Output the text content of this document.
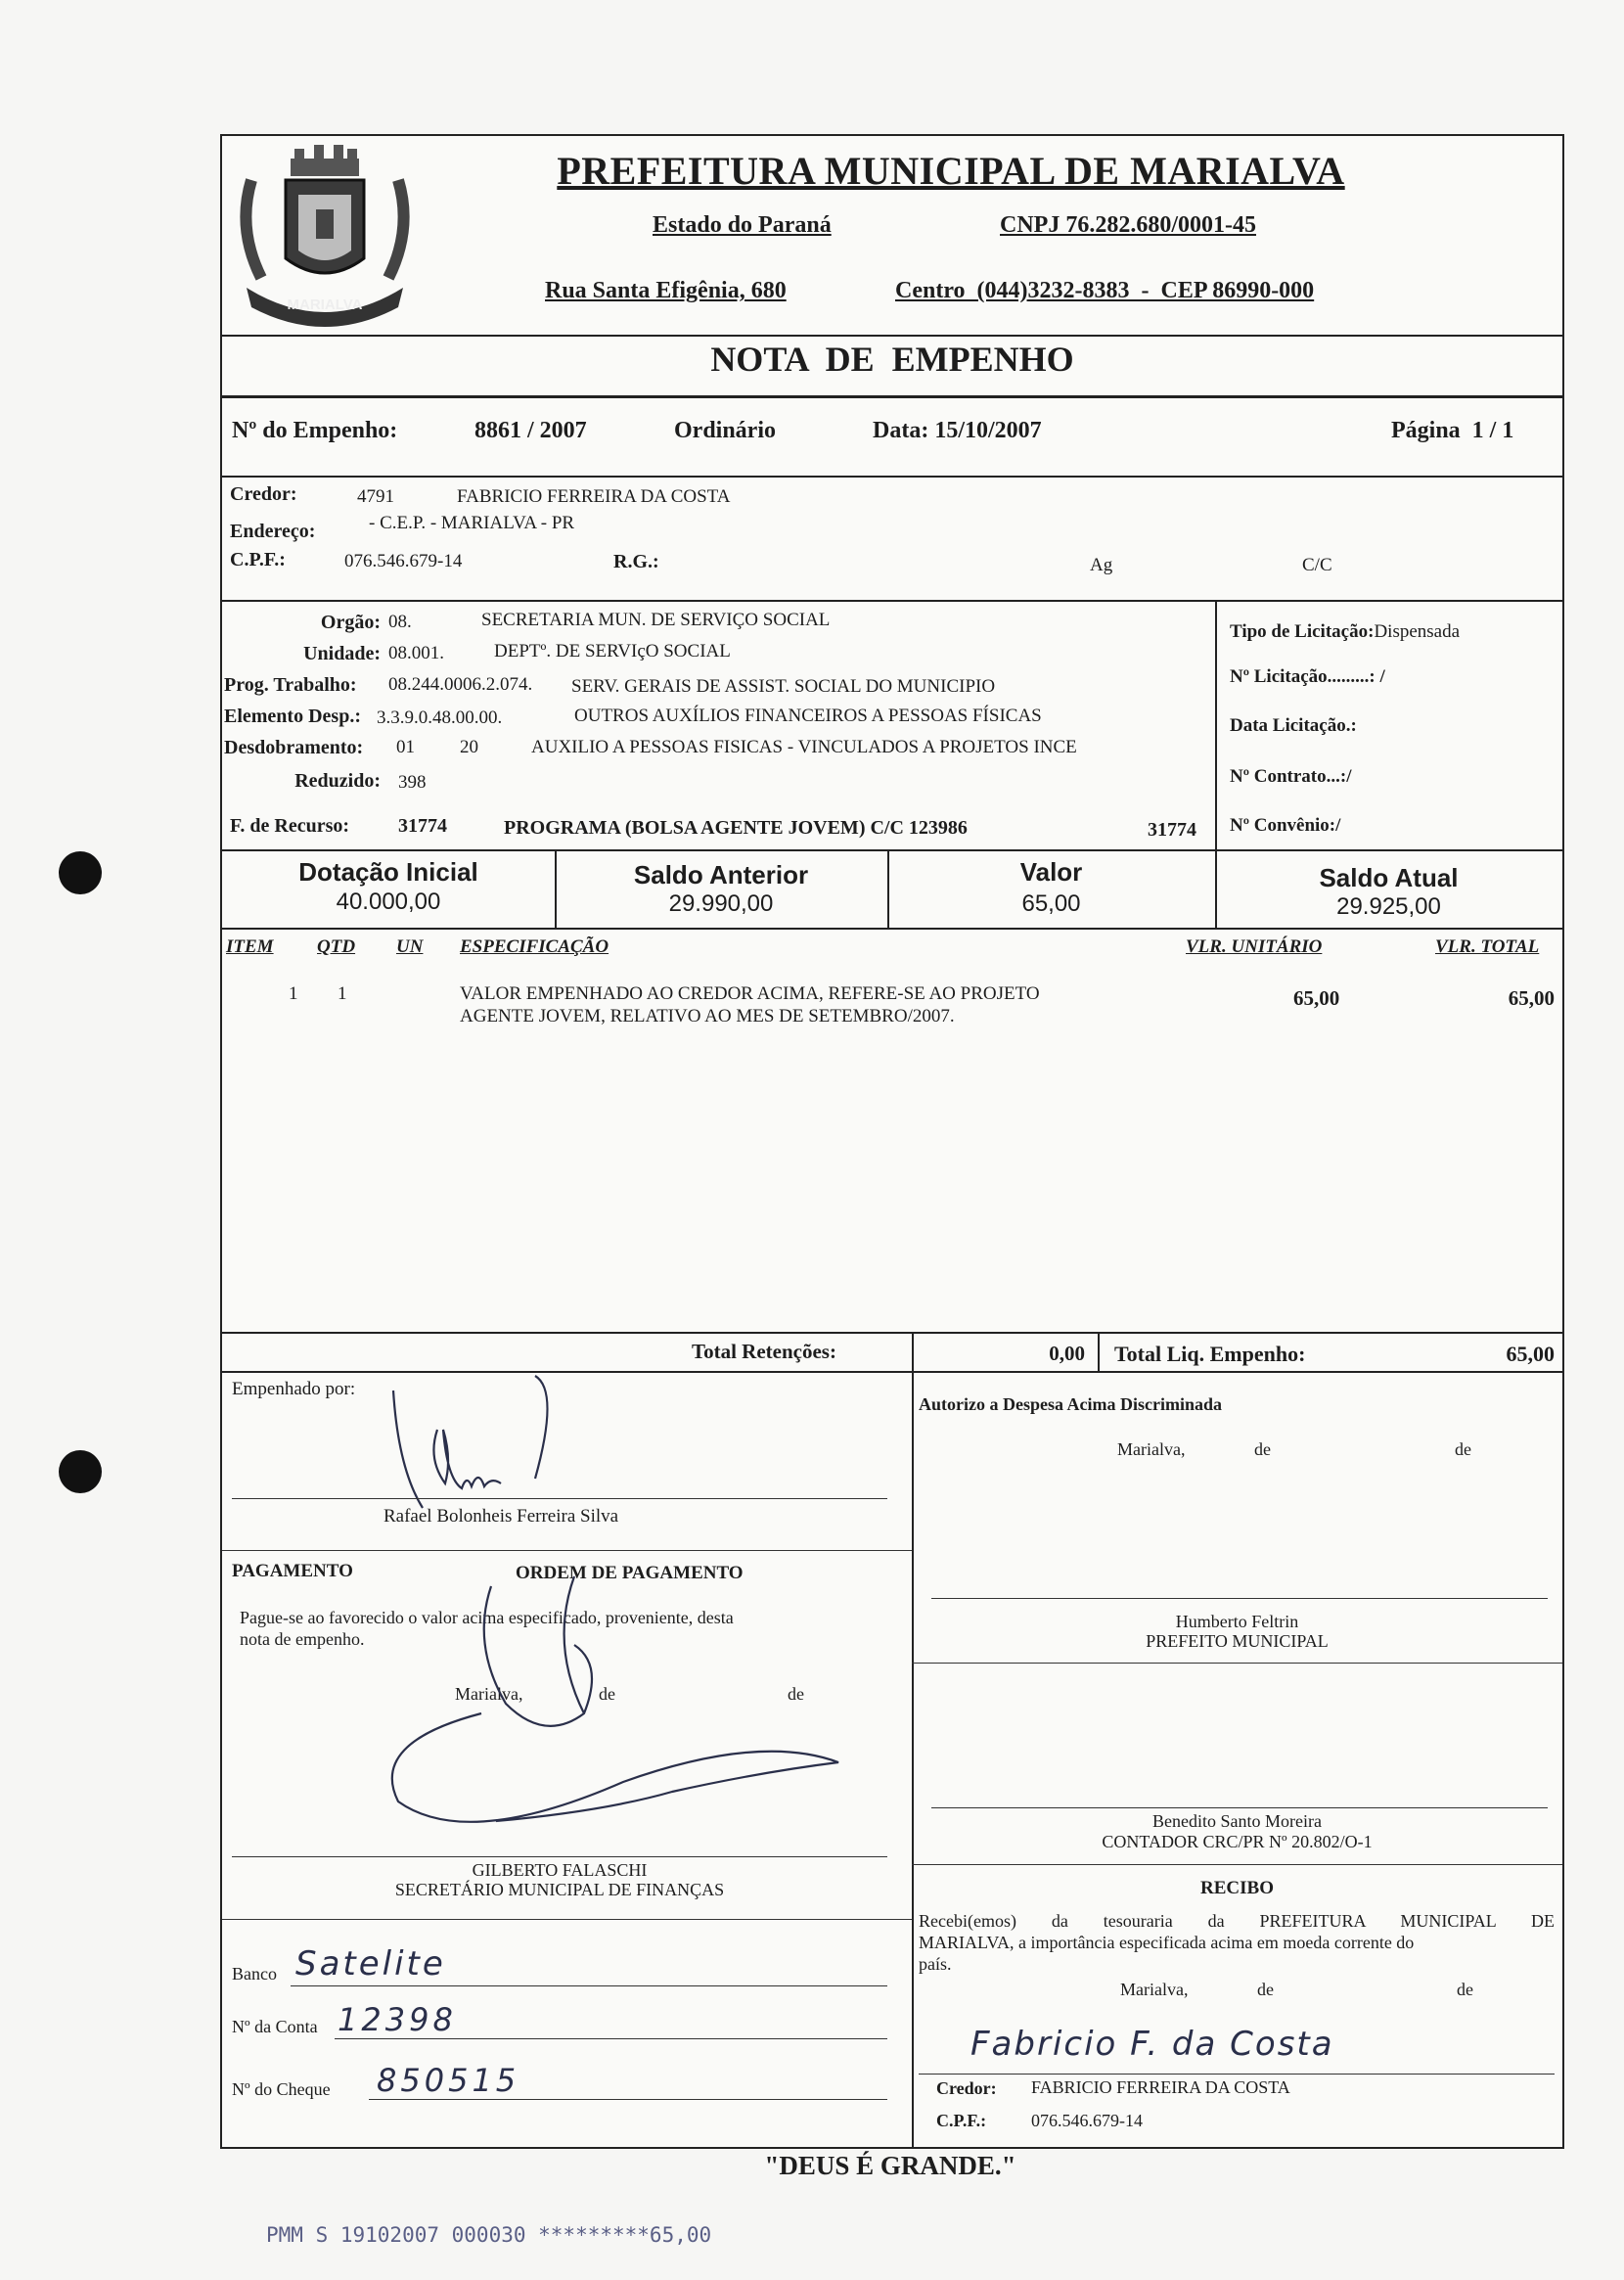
MARIALVA
PREFEITURA MUNICIPAL DE MARIALVA
Estado do Paraná	CNPJ 76.282.680/0001-45
Rua Santa Efigênia, 680	Centro  (044)3232-8383  -  CEP 86990-000
NOTA  DE  EMPENHO
Nº do Empenho:	8861 / 2007	Ordinário	Data: 15/10/2007	Página  1 / 1
Credor:	4791	FABRICIO FERREIRA DA COSTA
Endereço:	- C.E.P. - MARIALVA - PR
C.P.F.:	076.546.679-14	R.G.:	Ag	C/C
Orgão: 08.	SECRETARIA MUN. DE SERVIÇO SOCIAL
Unidade: 08.001.	DEPTº. DE SERVIçO SOCIAL
Prog. Trabalho: 08.244.0006.2.074. SERV. GERAIS DE ASSIST. SOCIAL DO MUNICIPIO
Elemento Desp.: 3.3.9.0.48.00.00.	OUTROS AUXÍLIOS FINANCEIROS A PESSOAS FÍSICAS
Desdobramento: 01 20	AUXILIO A PESSOAS FISICAS - VINCULADOS A PROJETOS INCE
Reduzido: 398
F. de Recurso: 31774	PROGRAMA (BOLSA AGENTE JOVEM) C/C 123986	31774
Tipo de Licitação:Dispensada
Nº Licitação.........: /
Data Licitação.:
Nº Contrato...:/
Nº Convênio:/
Dotação Inicial
40.000,00
Saldo Anterior
29.990,00
Valor
65,00
Saldo Atual
29.925,00
ITEM QTD UN ESPECIFICAÇÃO	VLR. UNITÁRIO	VLR. TOTAL
1 1	VALOR EMPENHADO AO CREDOR ACIMA, REFERE-SE AO PROJETO
AGENTE JOVEM, RELATIVO AO MES DE SETEMBRO/2007.
65,00	65,00
Total Retenções:	0,00 Total Liq. Empenho:	65,00
Empenhado por:
Rafael Bolonheis Ferreira Silva
PAGAMENTO	ORDEM DE PAGAMENTO
Pague-se ao favorecido o valor acima especificado, proveniente, desta
nota de empenho.
Marialva,	de	de
GILBERTO FALASCHI
SECRETÁRIO MUNICIPAL DE FINANÇAS
Banco Satelite
Nº da Conta 12398
Nº do Cheque 850515
Autorizo a Despesa Acima Discriminada
Marialva,	de	de
Humberto Feltrin
PREFEITO MUNICIPAL
Benedito Santo Moreira
CONTADOR CRC/PR Nº 20.802/O-1
RECIBO
Recebi(emos) da tesouraria da PREFEITURA MUNICIPAL DE
MARIALVA, a importância especificada acima em moeda corrente do
país.
Marialva,	de	de
Fabricio F. da Costa
Credor: FABRICIO FERREIRA DA COSTA
C.P.F.:	076.546.679-14
"DEUS É GRANDE."
PMM S 19102007 000030 *********65,00
